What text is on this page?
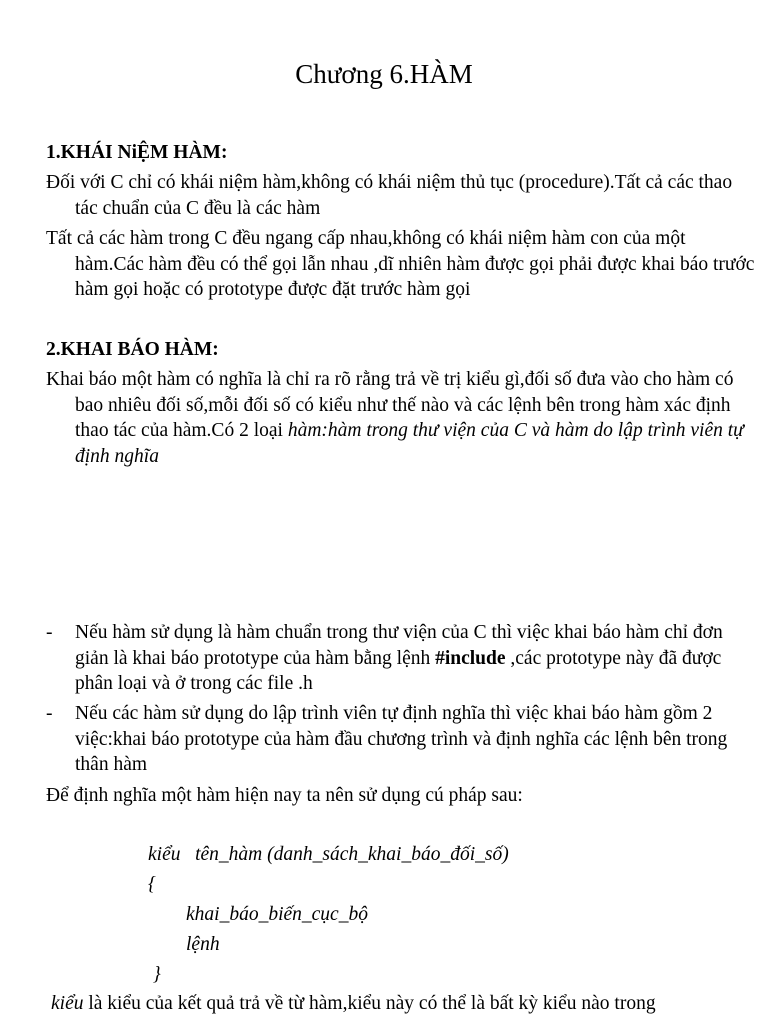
Chương 6.HÀM
1.KHÁI NiỆM HÀM:
Đối với C chỉ có khái niệm hàm,không có khái niệm thủ tục (procedure).Tất cả các thao tác chuẩn của C đều là các hàm
Tất cả các hàm trong C đều ngang cấp nhau,không có khái niệm hàm con của một hàm.Các hàm đều có thể gọi lẫn nhau ,dĩ nhiên hàm được gọi phải được khai báo trước hàm gọi hoặc có prototype được đặt trước hàm gọi
2.KHAI BÁO HÀM:
Khai báo một hàm có nghĩa là chỉ ra rõ rằng trả về trị kiểu gì,đối số đưa vào cho hàm có bao nhiêu đối số,mỗi đối số có kiểu như thế nào và các lệnh bên trong hàm xác định thao tác của hàm.Có 2 loại hàm:hàm trong thư viện của C và hàm do lập trình viên tự định nghĩa
- Nếu hàm sử dụng là hàm chuẩn trong thư viện của C thì việc khai báo hàm chỉ đơn giản là khai báo prototype của hàm bằng lệnh #include ,các prototype này đã được phân loại và ở trong các file .h
- Nếu các hàm sử dụng do lập trình viên tự định nghĩa thì việc khai báo hàm gồm 2 việc:khai báo prototype của hàm đầu chương trình và định nghĩa các lệnh bên trong thân hàm
Để định nghĩa một hàm hiện nay ta nên sử dụng cú pháp sau:
kiểu   tên_hàm (danh_sách_khai_báo_đối_số)
{
khai_báo_biến_cục_bộ
lệnh
}
kiểu là kiểu của kết quả trả về từ hàm,kiểu này có thể là bất kỳ kiểu nào trong
